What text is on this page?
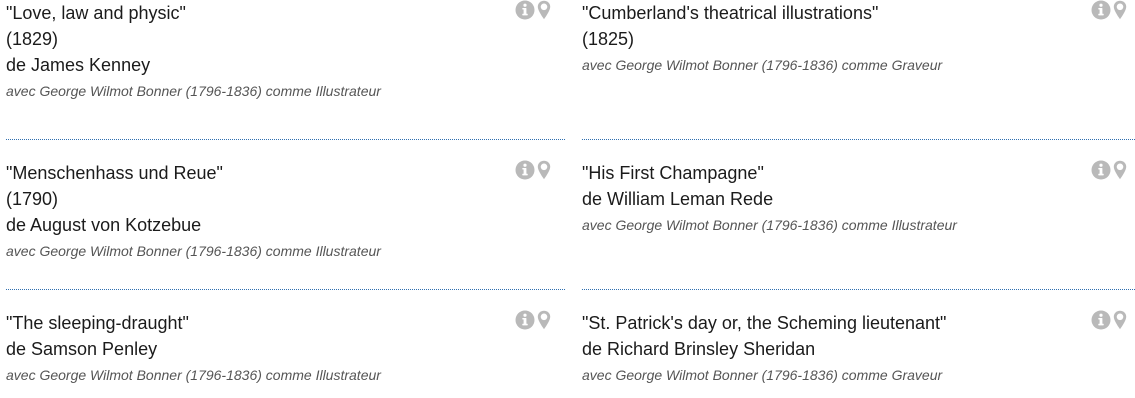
"Love, law and physic"
(1829)
de James Kenney
avec George Wilmot Bonner (1796-1836) comme Illustrateur
"Menschenhass und Reue"
(1790)
de August von Kotzebue
avec George Wilmot Bonner (1796-1836) comme Illustrateur
"The sleeping-draught"
de Samson Penley
avec George Wilmot Bonner (1796-1836) comme Illustrateur
"Cumberland's theatrical illustrations"
(1825)
avec George Wilmot Bonner (1796-1836) comme Graveur
"His First Champagne"
de William Leman Rede
avec George Wilmot Bonner (1796-1836) comme Illustrateur
"St. Patrick's day or, the Scheming lieutenant"
de Richard Brinsley Sheridan
avec George Wilmot Bonner (1796-1836) comme Graveur
